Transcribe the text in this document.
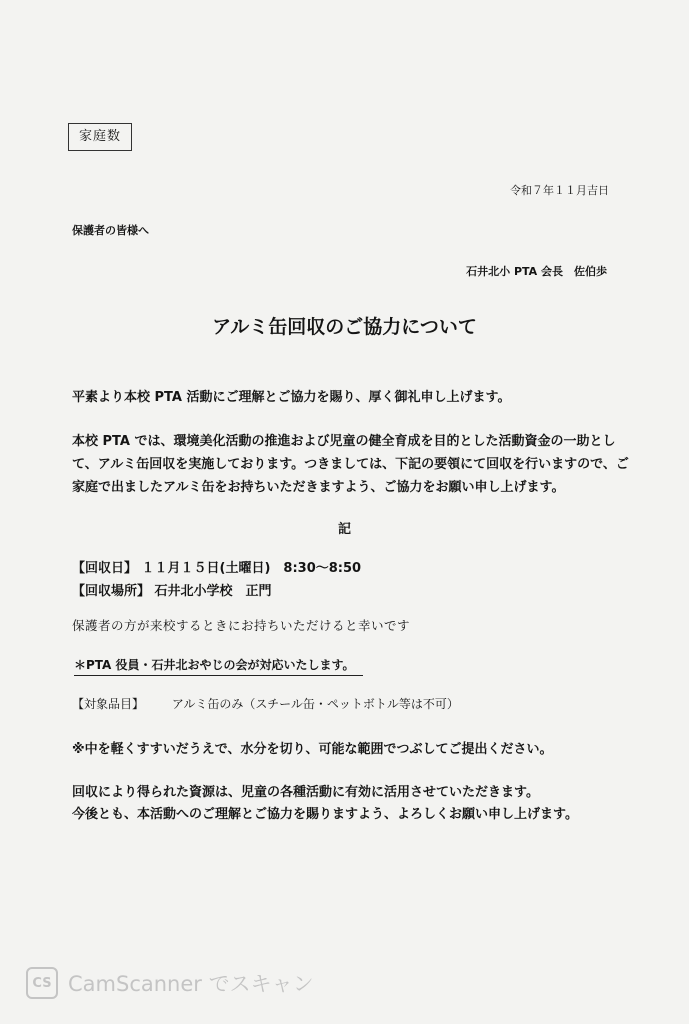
家庭数
令和７年１１月吉日
保護者の皆様へ
石井北小 PTA 会長　佐伯歩
アルミ缶回収のご協力について
平素より本校 PTA 活動にご理解とご協力を賜り、厚く御礼申し上げます。
本校 PTA では、環境美化活動の推進および児童の健全育成を目的とした活動資金の一助として、アルミ缶回収を実施しております。つきましては、下記の要領にて回収を行いますので、ご家庭で出ましたアルミ缶をお持ちいただきますよう、ご協力をお願い申し上げます。
記
【回収日】 １１月１５日(土曜日)　8:30〜8:50
【回収場所】 石井北小学校　正門
保護者の方が来校するときにお持ちいただけると幸いです
＊PTA 役員・石井北おやじの会が対応いたします。
【対象品目】 アルミ缶のみ（スチール缶・ペットボトル等は不可）
※中を軽くすすいだうえで、水分を切り、可能な範囲でつぶしてご提出ください。
回収により得られた資源は、児童の各種活動に有効に活用させていただきます。
今後とも、本活動へのご理解とご協力を賜りますよう、よろしくお願い申し上げます。
CS CamScanner でスキャン
